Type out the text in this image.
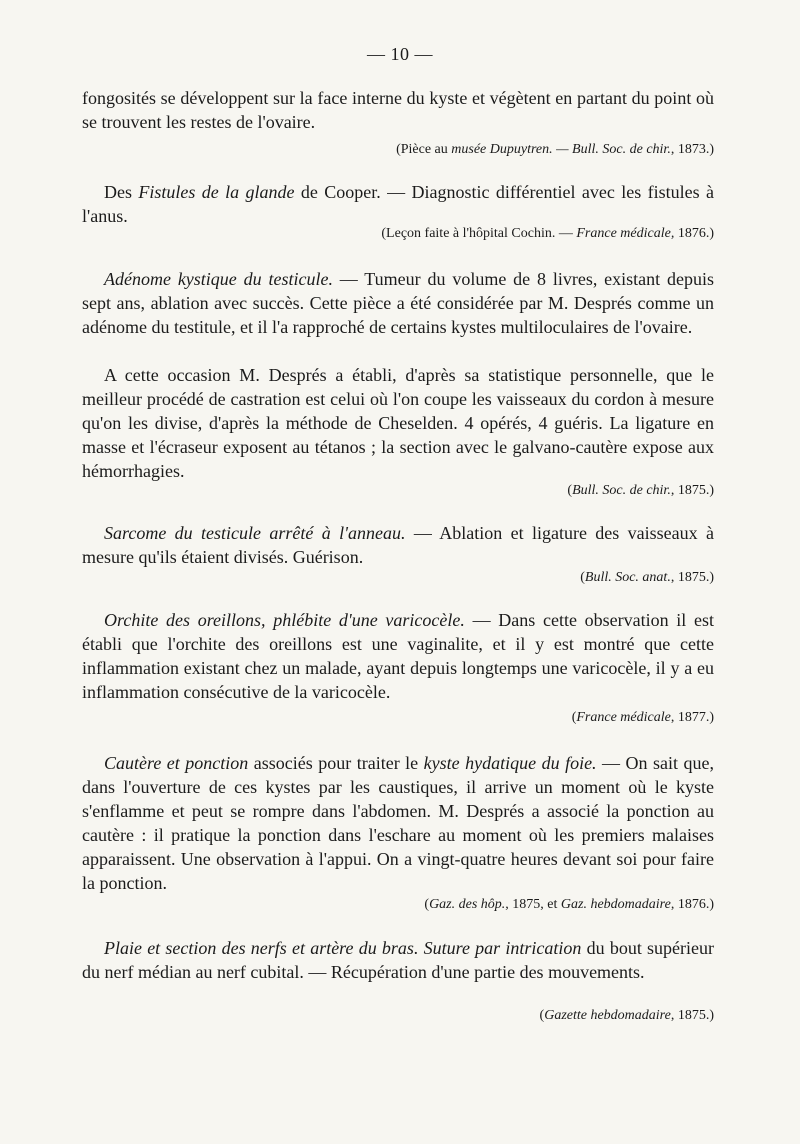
— 10 —

fongosités se développent sur la face interne du kyste et végètent en partant du point où se trouvent les restes de l'ovaire.

(Pièce au musée Dupuytren. — Bull. Soc. de chir., 1873.)

Des Fistules de la glande de Cooper. — Diagnostic différentiel avec les fistules à l'anus.

(Leçon faite à l'hôpital Cochin. — France médicale, 1876.)

Adénome kystique du testicule. — Tumeur du volume de 8 livres, existant depuis sept ans, ablation avec succès. Cette pièce a été considérée par M. Després comme un adénome du testitule, et il l'a rapproché de certains kystes multiloculaires de l'ovaire.

A cette occasion M. Després a établi, d'après sa statistique personnelle, que le meilleur procédé de castration est celui où l'on coupe les vaisseaux du cordon à mesure qu'on les divise, d'après la méthode de Cheselden. 4 opérés, 4 guéris. La ligature en masse et l'écraseur exposent au tétanos ; la section avec le galvano-cautère expose aux hémorrhagies.

(Bull. Soc. de chir., 1875.)

Sarcome du testicule arrêté à l'anneau. — Ablation et ligature des vaisseaux à mesure qu'ils étaient divisés. Guérison.

(Bull. Soc. anat., 1875.)

Orchite des oreillons, phlébite d'une varicocèle. — Dans cette observation il est établi que l'orchite des oreillons est une vaginalite, et il y est montré que cette inflammation existant chez un malade, ayant depuis longtemps une varicocèle, il y a eu inflammation consécutive de la varicocèle.

(France médicale, 1877.)

Cautère et ponction associés pour traiter le kyste hydatique du foie. — On sait que, dans l'ouverture de ces kystes par les caustiques, il arrive un moment où le kyste s'enflamme et peut se rompre dans l'abdomen. M. Després a associé la ponction au cautère : il pratique la ponction dans l'eschare au moment où les premiers malaises apparaissent. Une observation à l'appui. On a vingt-quatre heures devant soi pour faire la ponction.

(Gaz. des hôp., 1875, et Gaz. hebdomadaire, 1876.)

Plaie et section des nerfs et artère du bras. Suture par intrication du bout supérieur du nerf médian au nerf cubital. — Récupération d'une partie des mouvements.

(Gazette hebdomadaire, 1875.)
